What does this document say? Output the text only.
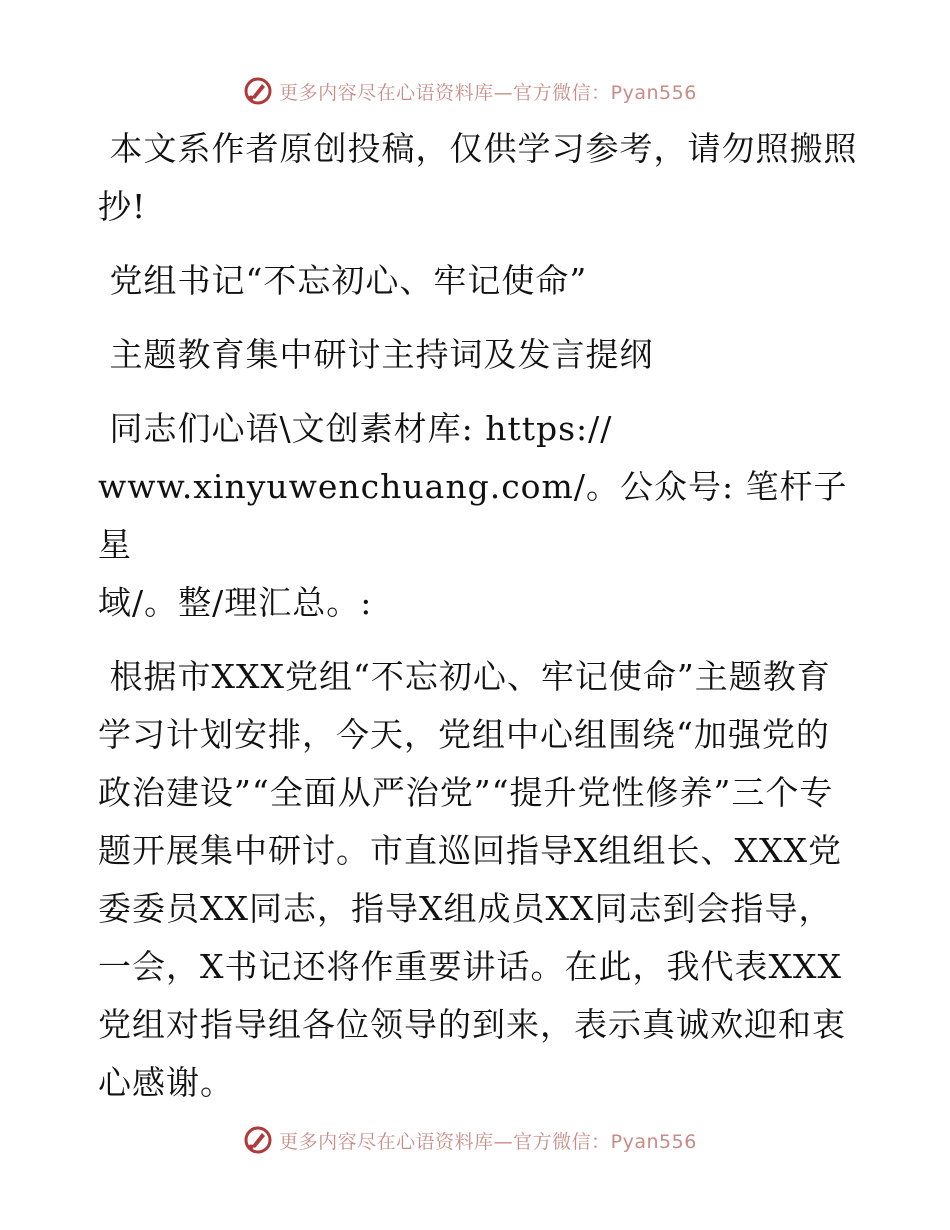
更多内容尽在心语资料库—官方微信：Pyan556

本文系作者原创投稿，仅供学习参考，请勿照搬照抄!

党组书记“不忘初心、牢记使命”

主题教育集中研讨主持词及发言提纲

同志们心语\文创素材库: https://
www.xinyuwenchuang.com/。公众号: 笔杆子星
域/。整/理汇总。:

根据市XXX党组“不忘初心、牢记使命”主题教育学习计划安排，今天，党组中心组围绕“加强党的政治建设”“全面从严治党”“提升党性修养”三个专题开展集中研讨。市直巡回指导X组组长、XXX党委委员XX同志，指导X组成员XX同志到会指导，一会，X书记还将作重要讲话。在此，我代表XXX党组对指导组各位领导的到来，表示真诚欢迎和衷心感谢。

更多内容尽在心语资料库—官方微信：Pyan556
